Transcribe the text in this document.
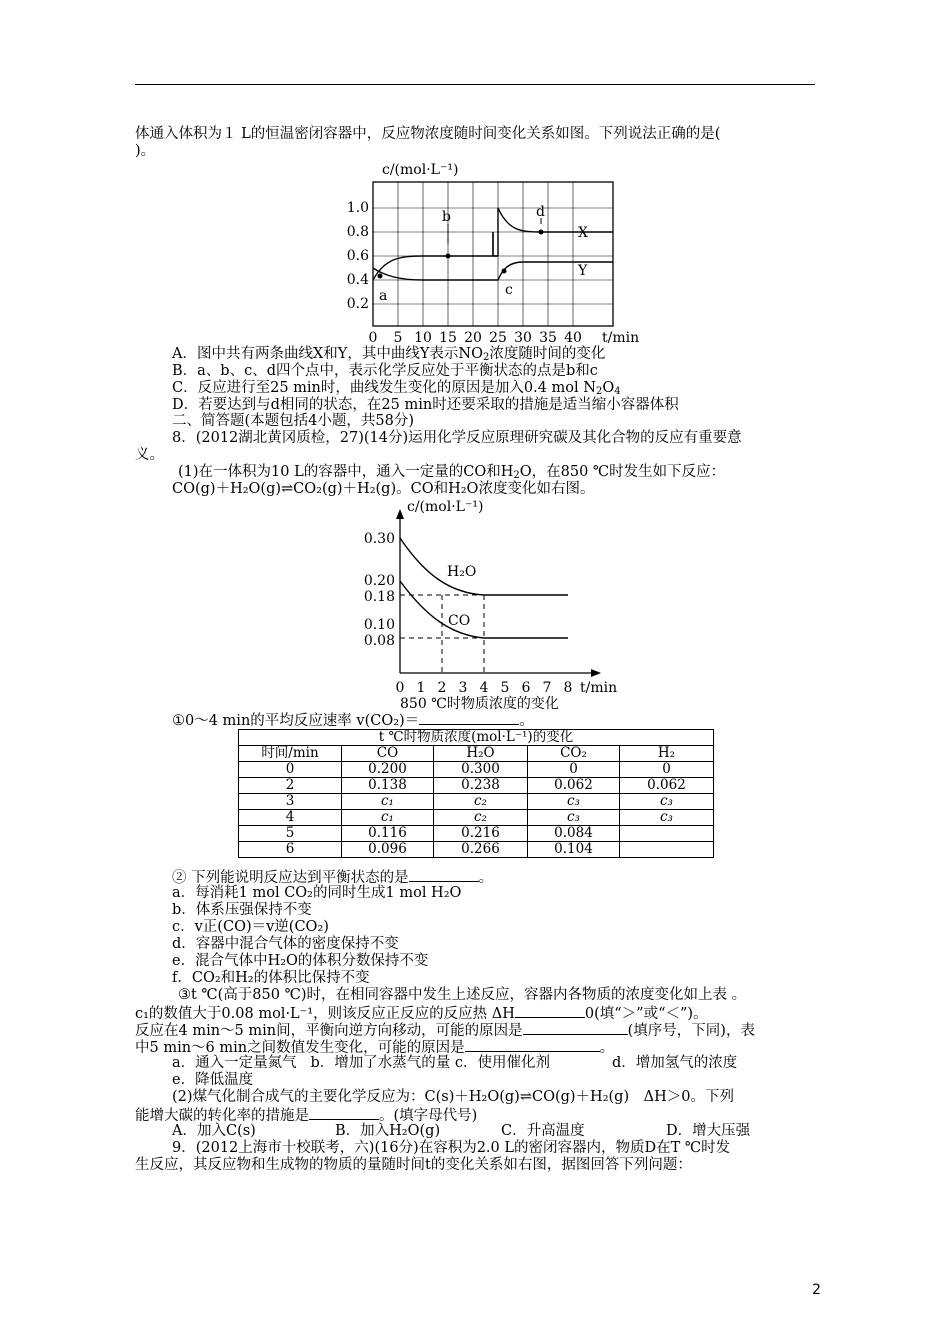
体通入体积为１ L的恒温密闭容器中，反应物浓度随时间变化关系如图。下列说法正确的是(
)。
c/(mol·L⁻¹)
1.0
0.8
0.6
0.4
0.2
0 5 10 15 20 25 30 35 40 t/min
a
b
c
d
X
Y
A．图中共有两条曲线X和Y，其中曲线Y表示$NO_2$浓度随时间的变化
B．a、b、c、d四个点中，表示化学反应处于平衡状态的点是b和c
C．反应进行至25 min时，曲线发生变化的原因是加入0.4 mol $N_2O_4$
D．若要达到与d相同的状态，在25 min时还要采取的措施是适当缩小容器体积
二、简答题(本题包括4小题，共58分)
8．(2012湖北黄冈质检，27)(14分)运用化学反应原理研究碳及其化合物的反应有重要意
义。
(1)在一体积为10 L的容器中，通入一定量的CO和$H_2O$，在850 ℃时发生如下反应：
CO(g)＋H₂O(g)⇌CO₂(g)＋H₂(g)。CO和H₂O浓度变化如右图。
c/(mol·L⁻¹)
0.30
0.20
0.18
0.10
0.08
0 1 2 3 4 5 6 7 8 t/min
H₂O
CO
850 ℃时物质浓度的变化
①0～4 min的平均反应速率 v(CO₂)＝	。
t ℃时物质浓度(mol·L⁻¹)的变化				
时间/min	CO	H₂O	CO₂	H₂
0	0.200	0.300	0	0
2	0.138	0.238	0.062	0.062
3	c₁	c₂	c₃	c₃
4	c₁	c₂	c₃	c₃
5	0.116	0.216	0.084	
6	0.096	0.266	0.104	
② 下列能说明反应达到平衡状态的是	。
a．每消耗1 mol CO₂的同时生成1 mol H₂O
b．体系压强保持不变
c．v正(CO)＝v逆(CO₂)
d．容器中混合气体的密度保持不变
e．混合气体中H₂O的体积分数保持不变
f．CO₂和H₂的体积比保持不变
③t ℃(高于850 ℃)时，在相同容器中发生上述反应，容器内各物质的浓度变化如上表 。
c₁的数值大于0.08 mol·L⁻¹，则该反应正反应的反应热 ΔH	0(填“＞”或“＜”)。
反应在4 min～5 min间，平衡向逆方向移动，可能的原因是	(填序号，下同)，表
中5 min～6 min之间数值发生变化，可能的原因是	。
a．通入一定量氮气 b．增加了水蒸气的量 c．使用催化剂	d．增加氢气的浓度
e．降低温度
(2)煤气化制合成气的主要化学反应为：C(s)＋H₂O(g)⇌CO(g)＋H₂(g)　ΔH＞0。下列
能增大碳的转化率的措施是	。(填字母代号)
A．加入C(s)	B．加入H₂O(g)	C．升高温度	D．增大压强
9．(2012上海市十校联考，六)(16分)在容积为2.0 L的密闭容器内，物质D在T ℃时发
生反应，其反应物和生成物的物质的量随时间t的变化关系如右图，据图回答下列问题：
2
